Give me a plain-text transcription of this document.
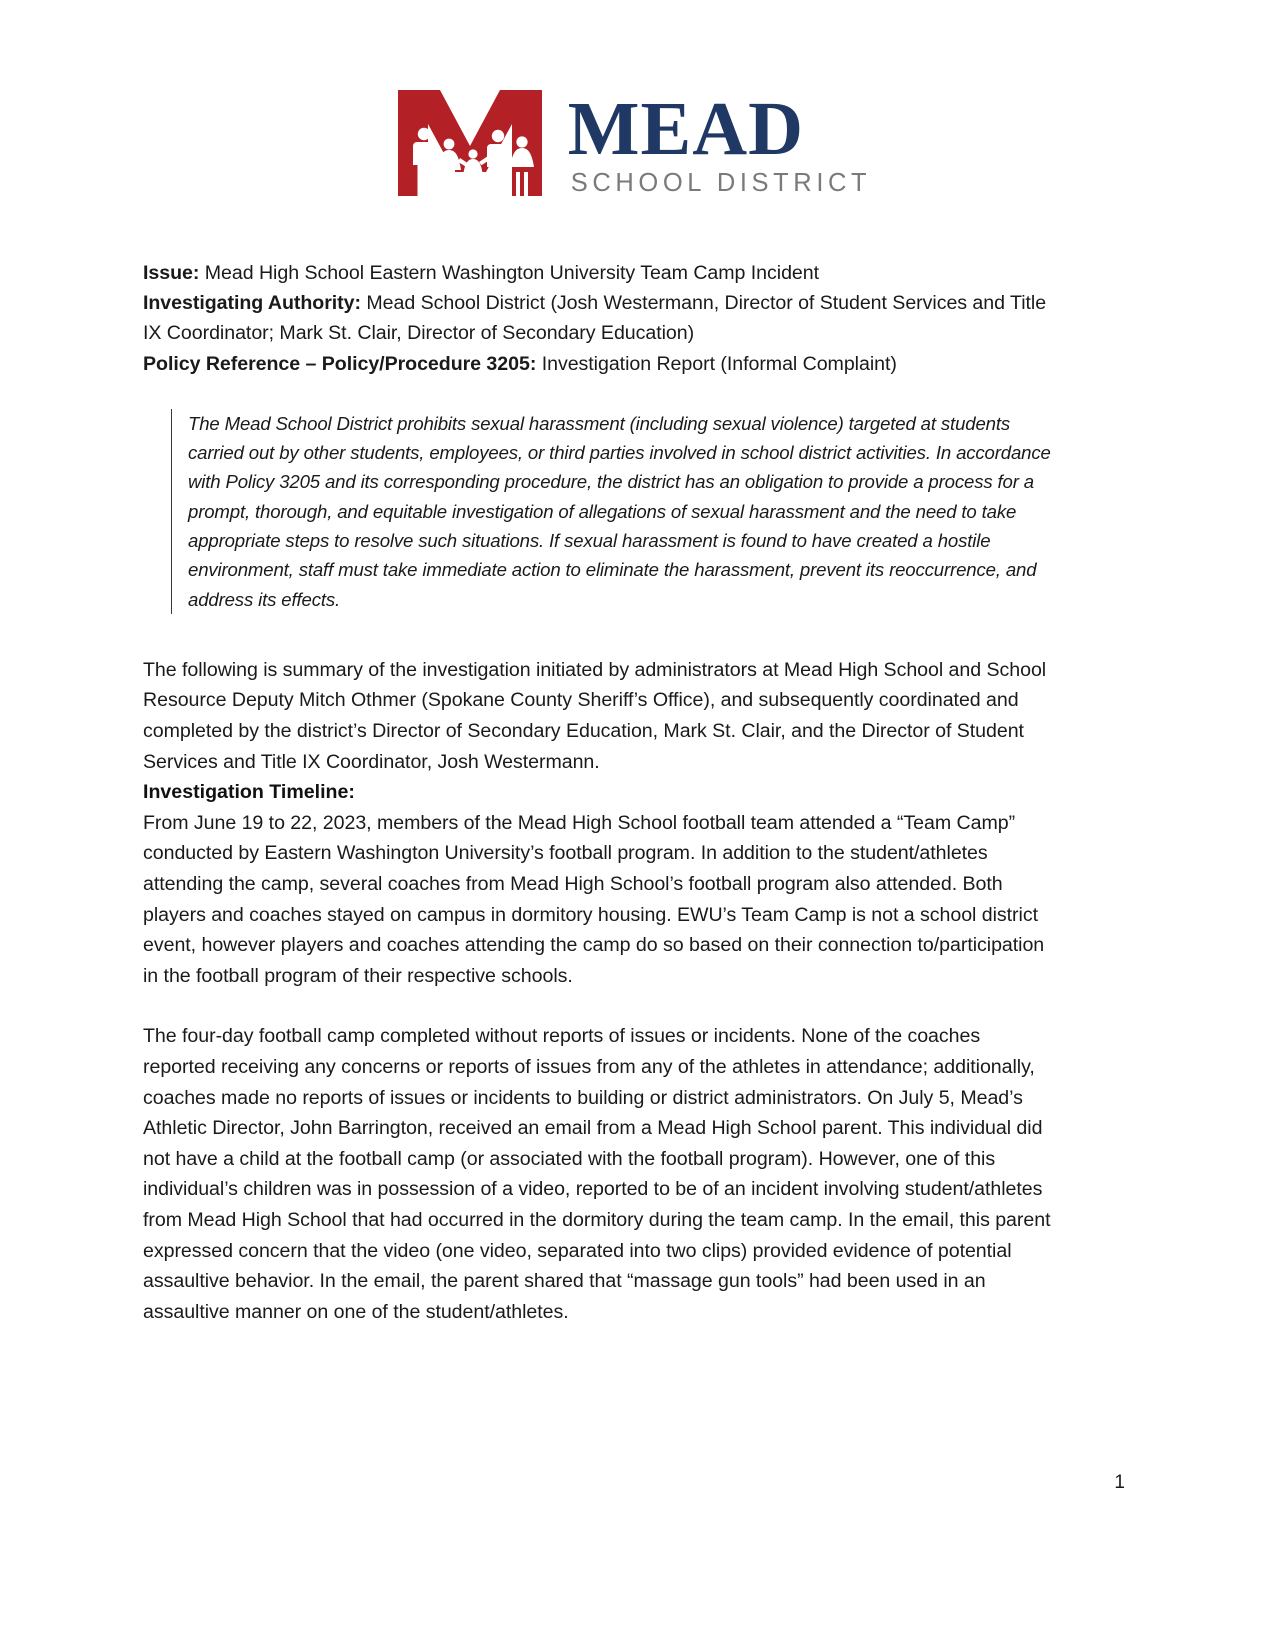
MEAD
SCHOOL DISTRICT
Issue: Mead High School Eastern Washington University Team Camp Incident
Investigating Authority: Mead School District (Josh Westermann, Director of Student Services and Title IX Coordinator; Mark St. Clair, Director of Secondary Education)
Policy Reference – Policy/Procedure 3205: Investigation Report (Informal Complaint)

The Mead School District prohibits sexual harassment (including sexual violence) targeted at students carried out by other students, employees, or third parties involved in school district activities. In accordance with Policy 3205 and its corresponding procedure, the district has an obligation to provide a process for a prompt, thorough, and equitable investigation of allegations of sexual harassment and the need to take appropriate steps to resolve such situations. If sexual harassment is found to have created a hostile environment, staff must take immediate action to eliminate the harassment, prevent its reoccurrence, and address its effects.

The following is summary of the investigation initiated by administrators at Mead High School and School Resource Deputy Mitch Othmer (Spokane County Sheriff’s Office), and subsequently coordinated and completed by the district’s Director of Secondary Education, Mark St. Clair, and the Director of Student Services and Title IX Coordinator, Josh Westermann.

Investigation Timeline:

From June 19 to 22, 2023, members of the Mead High School football team attended a “Team Camp” conducted by Eastern Washington University’s football program. In addition to the student/athletes attending the camp, several coaches from Mead High School’s football program also attended. Both players and coaches stayed on campus in dormitory housing. EWU’s Team Camp is not a school district event, however players and coaches attending the camp do so based on their connection to/participation in the football program of their respective schools.

The four-day football camp completed without reports of issues or incidents. None of the coaches reported receiving any concerns or reports of issues from any of the athletes in attendance; additionally, coaches made no reports of issues or incidents to building or district administrators. On July 5, Mead’s Athletic Director, John Barrington, received an email from a Mead High School parent. This individual did not have a child at the football camp (or associated with the football program). However, one of this individual’s children was in possession of a video, reported to be of an incident involving student/athletes from Mead High School that had occurred in the dormitory during the team camp. In the email, this parent expressed concern that the video (one video, separated into two clips) provided evidence of potential assaultive behavior. In the email, the parent shared that “massage gun tools” had been used in an assaultive manner on one of the student/athletes.

1
